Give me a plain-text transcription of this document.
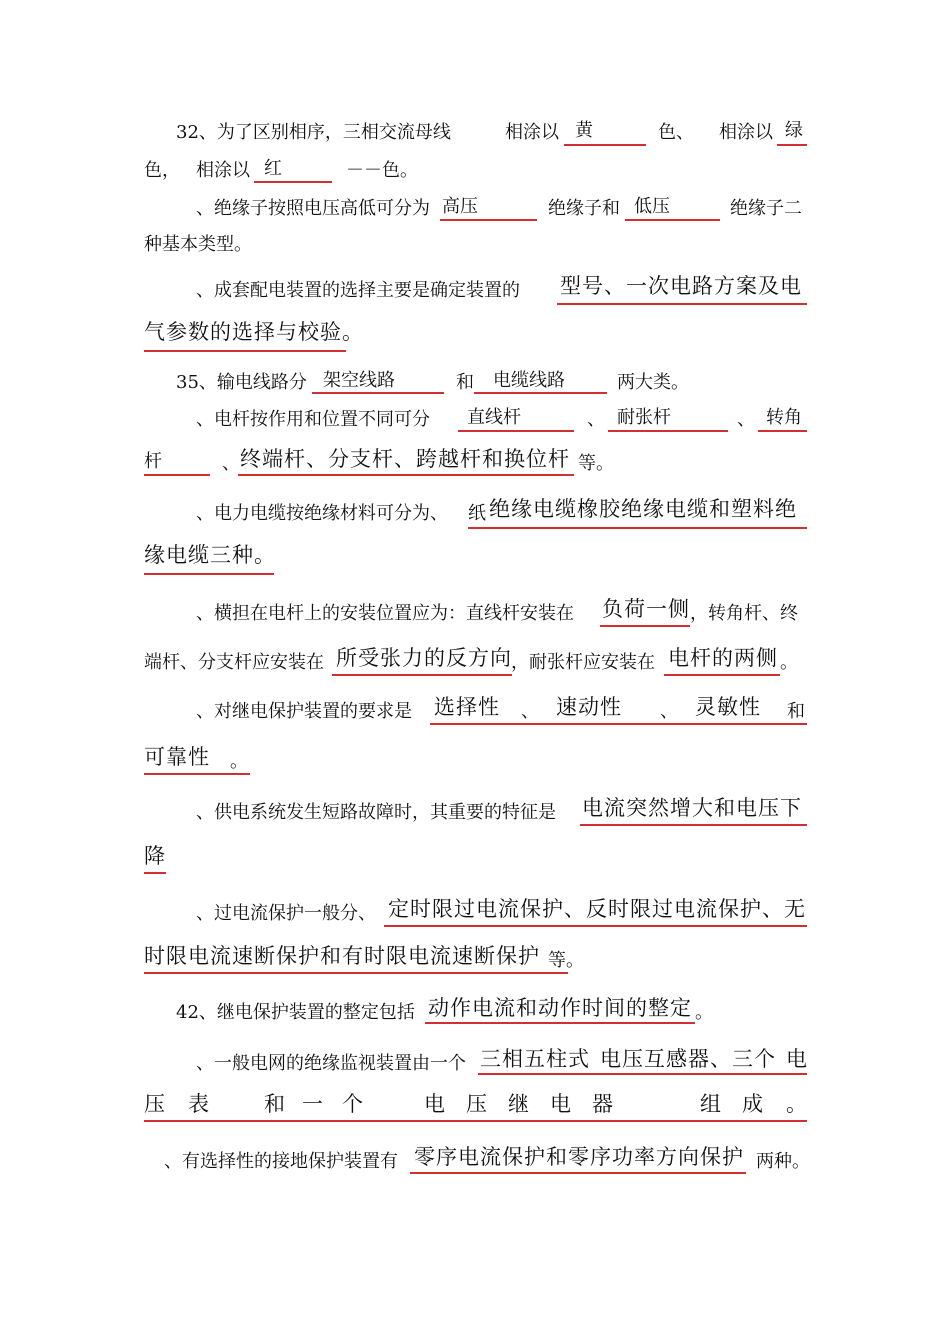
32、为了区别相序，三相交流母线	相涂以 黄	色、 相涂以 绿
色， 相涂以 红	－－色。
、绝缘子按照电压高低可分为 高压	绝缘子和 低压	绝缘子二
种基本类型。
、成套配电装置的选择主要是确定装置的 型号、一次电路方案及电
气参数的选择与校验。
35、输电线路分 架空线路	和 电缆线路	两大类。
、电杆按作用和位置不同可分 直线杆	、 耐张杆	、 转角
杆	、 终端杆、分支杆、跨越杆和换位杆 等。
、电力电缆按绝缘材料可分为、 纸 绝缘电缆橡胶绝缘电缆和塑料绝
缘电缆三种。
、横担在电杆上的安装位置应为：直线杆安装在 负荷一侧 ，转角杆、终
端杆、分支杆应安装在 所受张力的反方向 ，耐张杆应安装在 电杆的两侧 。
、对继电保护装置的要求是 选择性 、 速动性 、 灵敏性 和
可靠性 。
、供电系统发生短路故障时，其重要的特征是 电流突然增大和电压下
降
、过电流保护一般分、 定时限过电流保护、反时限过电流保护、无
时限电流速断保护和有时限电流速断保护 等。
42、继电保护装置的整定包括 动作电流和动作时间的整定 。
、一般电网的绝缘监视装置由一个 三相五柱式 电压互感器、三个 电
压 表	和 一 个	电 压 继 电 器	组 成 。
、有选择性的接地保护装置有 零序电流保护和零序功率方向保护 两种。
